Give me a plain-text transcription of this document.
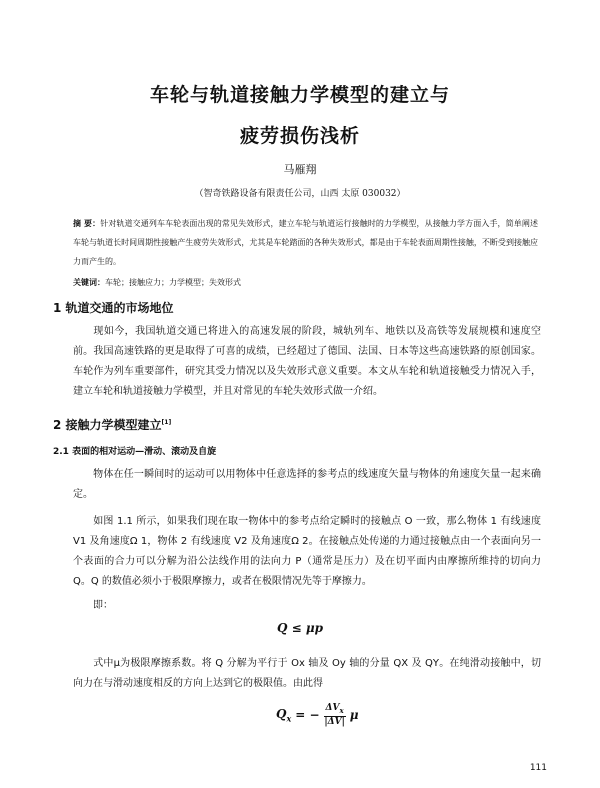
车轮与轨道接触力学模型的建立与
疲劳损伤浅析
马雁翔
（智奇铁路设备有限责任公司，山西 太原 030032）
摘 要：针对轨道交通列车车轮表面出现的常见失效形式，建立车轮与轨道运行接触时的力学模型，从接触力学方面入手，简单阐述车轮与轨道长时间周期性接触产生疲劳失效形式，尤其是车轮踏面的各种失效形式，都是由于车轮表面周期性接触，不断受到接触应力而产生的。
关键词：车轮；接触应力；力学模型；失效形式
1 轨道交通的市场地位
现如今，我国轨道交通已将进入的高速发展的阶段，城轨列车、地铁以及高铁等发展规模和速度空前。我国高速铁路的更是取得了可喜的成绩，已经超过了德国、法国、日本等这些高速铁路的原创国家。车轮作为列车重要部件，研究其受力情况以及失效形式意义重要。本文从车轮和轨道接触受力情况入手，建立车轮和轨道接触力学模型，并且对常见的车轮失效形式做一介绍。
2 接触力学模型建立[1]
2.1 表面的相对运动—滑动、滚动及自旋
物体在任一瞬间时的运动可以用物体中任意选择的参考点的线速度矢量与物体的角速度矢量一起来确定。
如图 1.1 所示，如果我们现在取一物体中的参考点给定瞬时的接触点 O 一致，那么物体 1 有线速度 V1 及角速度Ω 1，物体 2 有线速度 V2 及角速度Ω 2。在接触点处传递的力通过接触点由一个表面向另一个表面的合力可以分解为沿公法线作用的法向力 P（通常是压力）及在切平面内由摩擦所维持的切向力 Q。Q 的数值必须小于极限摩擦力，或者在极限情况先等于摩擦力。
即：
Q ≤ μp
式中μ为极限摩擦系数。将 Q 分解为平行于 Ox 轴及 Oy 轴的分量 QX 及 QY。在纯滑动接触中，切向力在与滑动速度相反的方向上达到它的极限值。由此得
$Q_x$ = − $\frac{\Delta V_x}{|\Delta V|}$ μ
111
